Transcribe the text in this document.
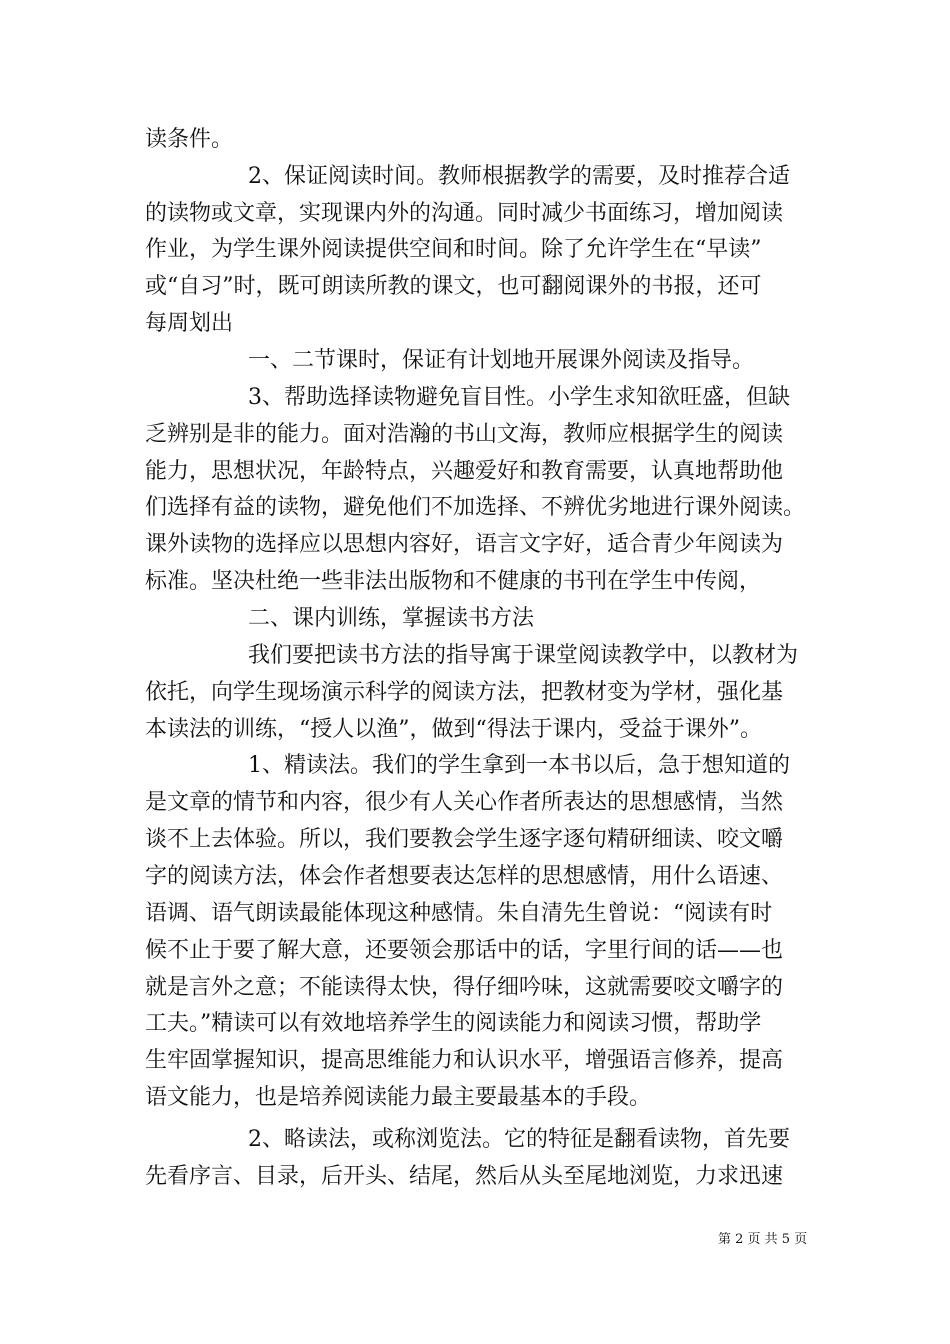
读条件。
2、保证阅读时间。教师根据教学的需要，及时推荐合适
的读物或文章，实现课内外的沟通。同时减少书面练习，增加阅读
作业，为学生课外阅读提供空间和时间。除了允许学生在“早读”
或“自习”时，既可朗读所教的课文，也可翻阅课外的书报，还可
每周划出
一、二节课时，保证有计划地开展课外阅读及指导。
3、帮助选择读物避免盲目性。小学生求知欲旺盛，但缺
乏辨别是非的能力。面对浩瀚的书山文海，教师应根据学生的阅读
能力，思想状况，年龄特点，兴趣爱好和教育需要，认真地帮助他
们选择有益的读物，避免他们不加选择、不辨优劣地进行课外阅读。
课外读物的选择应以思想内容好，语言文字好，适合青少年阅读为
标准。坚决杜绝一些非法出版物和不健康的书刊在学生中传阅，
二、课内训练，掌握读书方法
我们要把读书方法的指导寓于课堂阅读教学中，以教材为
依托，向学生现场演示科学的阅读方法，把教材变为学材，强化基
本读法的训练，“授人以渔”，做到“得法于课内，受益于课外”。
1、精读法。我们的学生拿到一本书以后，急于想知道的
是文章的情节和内容，很少有人关心作者所表达的思想感情，当然
谈不上去体验。所以，我们要教会学生逐字逐句精研细读、咬文嚼
字的阅读方法，体会作者想要表达怎样的思想感情，用什么语速、
语调、语气朗读最能体现这种感情。朱自清先生曾说：“阅读有时
候不止于要了解大意，还要领会那话中的话，字里行间的话——也
就是言外之意；不能读得太快，得仔细吟味，这就需要咬文嚼字的
工夫。”精读可以有效地培养学生的阅读能力和阅读习惯，帮助学
生牢固掌握知识，提高思维能力和认识水平，增强语言修养，提高
语文能力，也是培养阅读能力最主要最基本的手段。
2、略读法，或称浏览法。它的特征是翻看读物，首先要
先看序言、目录，后开头、结尾，然后从头至尾地浏览，力求迅速
第 2 页 共 5 页
